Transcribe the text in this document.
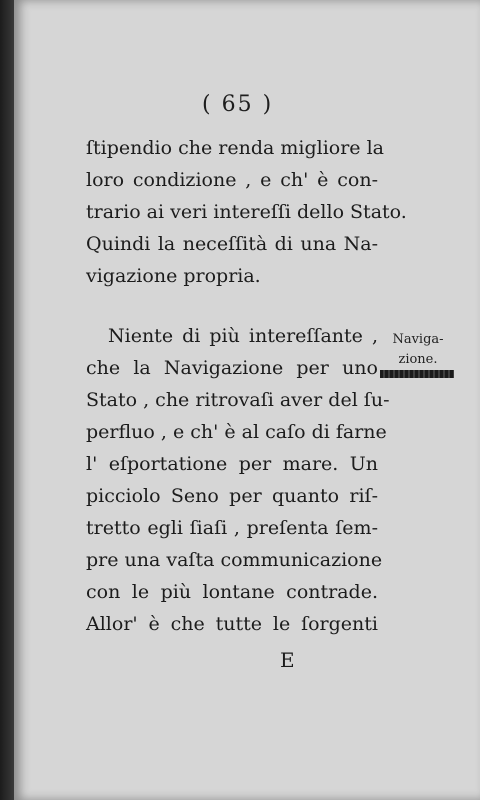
( 65 )
ſtipendio che renda migliore la
loro condizione , e ch' è con-
trario ai veri intereſſi dello Stato.
Quindi la neceſſità di una Na-
vigazione propria.
Niente di più intereſſante ,
che la Navigazione per uno
Stato , che ritrovaſi aver del ſu-
perfluo , e ch' è al caſo di farne
l' eſportatione per mare. Un
picciolo Seno per quanto riſ-
tretto egli ſiaſi , preſenta ſem-
pre una vaſta communicazione
con le più lontane contrade.
Allor' è che tutte le ſorgenti
Naviga-
zione.
E
